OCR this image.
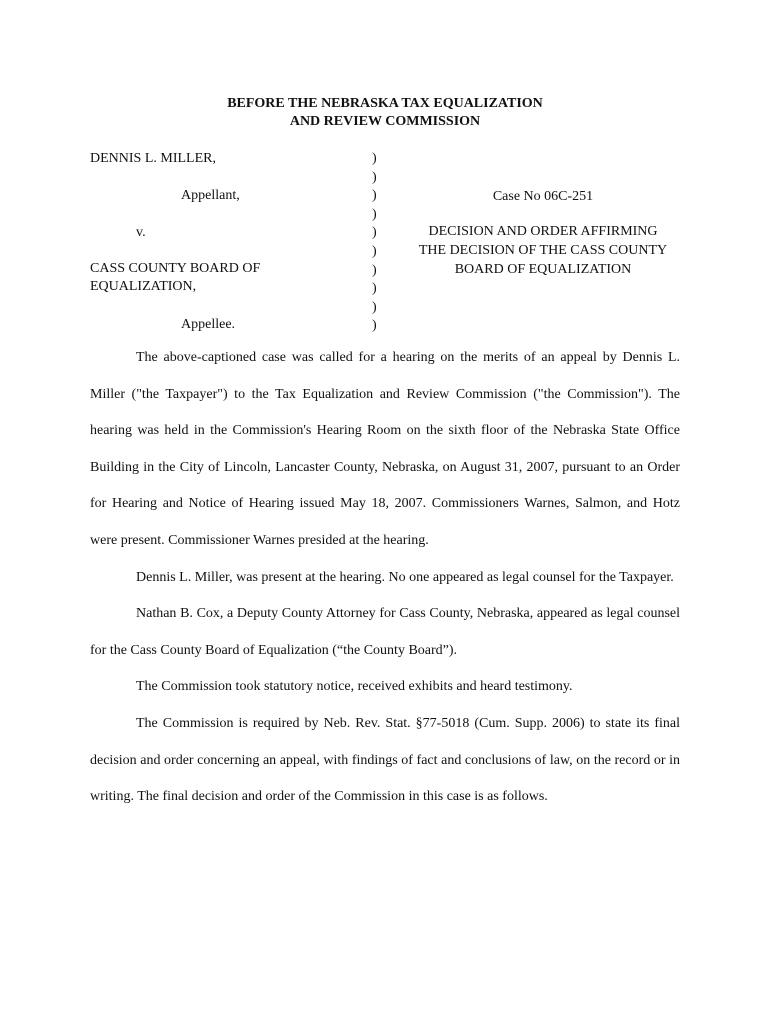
BEFORE THE NEBRASKA TAX EQUALIZATION
AND REVIEW COMMISSION
DENNIS L. MILLER,
Appellant,
v.
CASS COUNTY BOARD OF
EQUALIZATION,
Appellee.
)
)
)
)
)
)
)
)
)
)
Case No 06C-251
DECISION AND ORDER AFFIRMING
THE DECISION OF THE CASS COUNTY
BOARD OF EQUALIZATION

The above-captioned case was called for a hearing on the merits of an appeal by Dennis L. Miller ("the Taxpayer") to the Tax Equalization and Review Commission ("the Commission"). The hearing was held in the Commission's Hearing Room on the sixth floor of the Nebraska State Office Building in the City of Lincoln, Lancaster County, Nebraska, on August 31, 2007, pursuant to an Order for Hearing and Notice of Hearing issued May 18, 2007. Commissioners Warnes, Salmon, and Hotz were present. Commissioner Warnes presided at the hearing.

Dennis L. Miller, was present at the hearing. No one appeared as legal counsel for the Taxpayer.

Nathan B. Cox, a Deputy County Attorney for Cass County, Nebraska, appeared as legal counsel for the Cass County Board of Equalization (“the County Board”).

The Commission took statutory notice, received exhibits and heard testimony.

The Commission is required by Neb. Rev. Stat. §77-5018 (Cum. Supp. 2006) to state its final decision and order concerning an appeal, with findings of fact and conclusions of law, on the record or in writing. The final decision and order of the Commission in this case is as follows.
